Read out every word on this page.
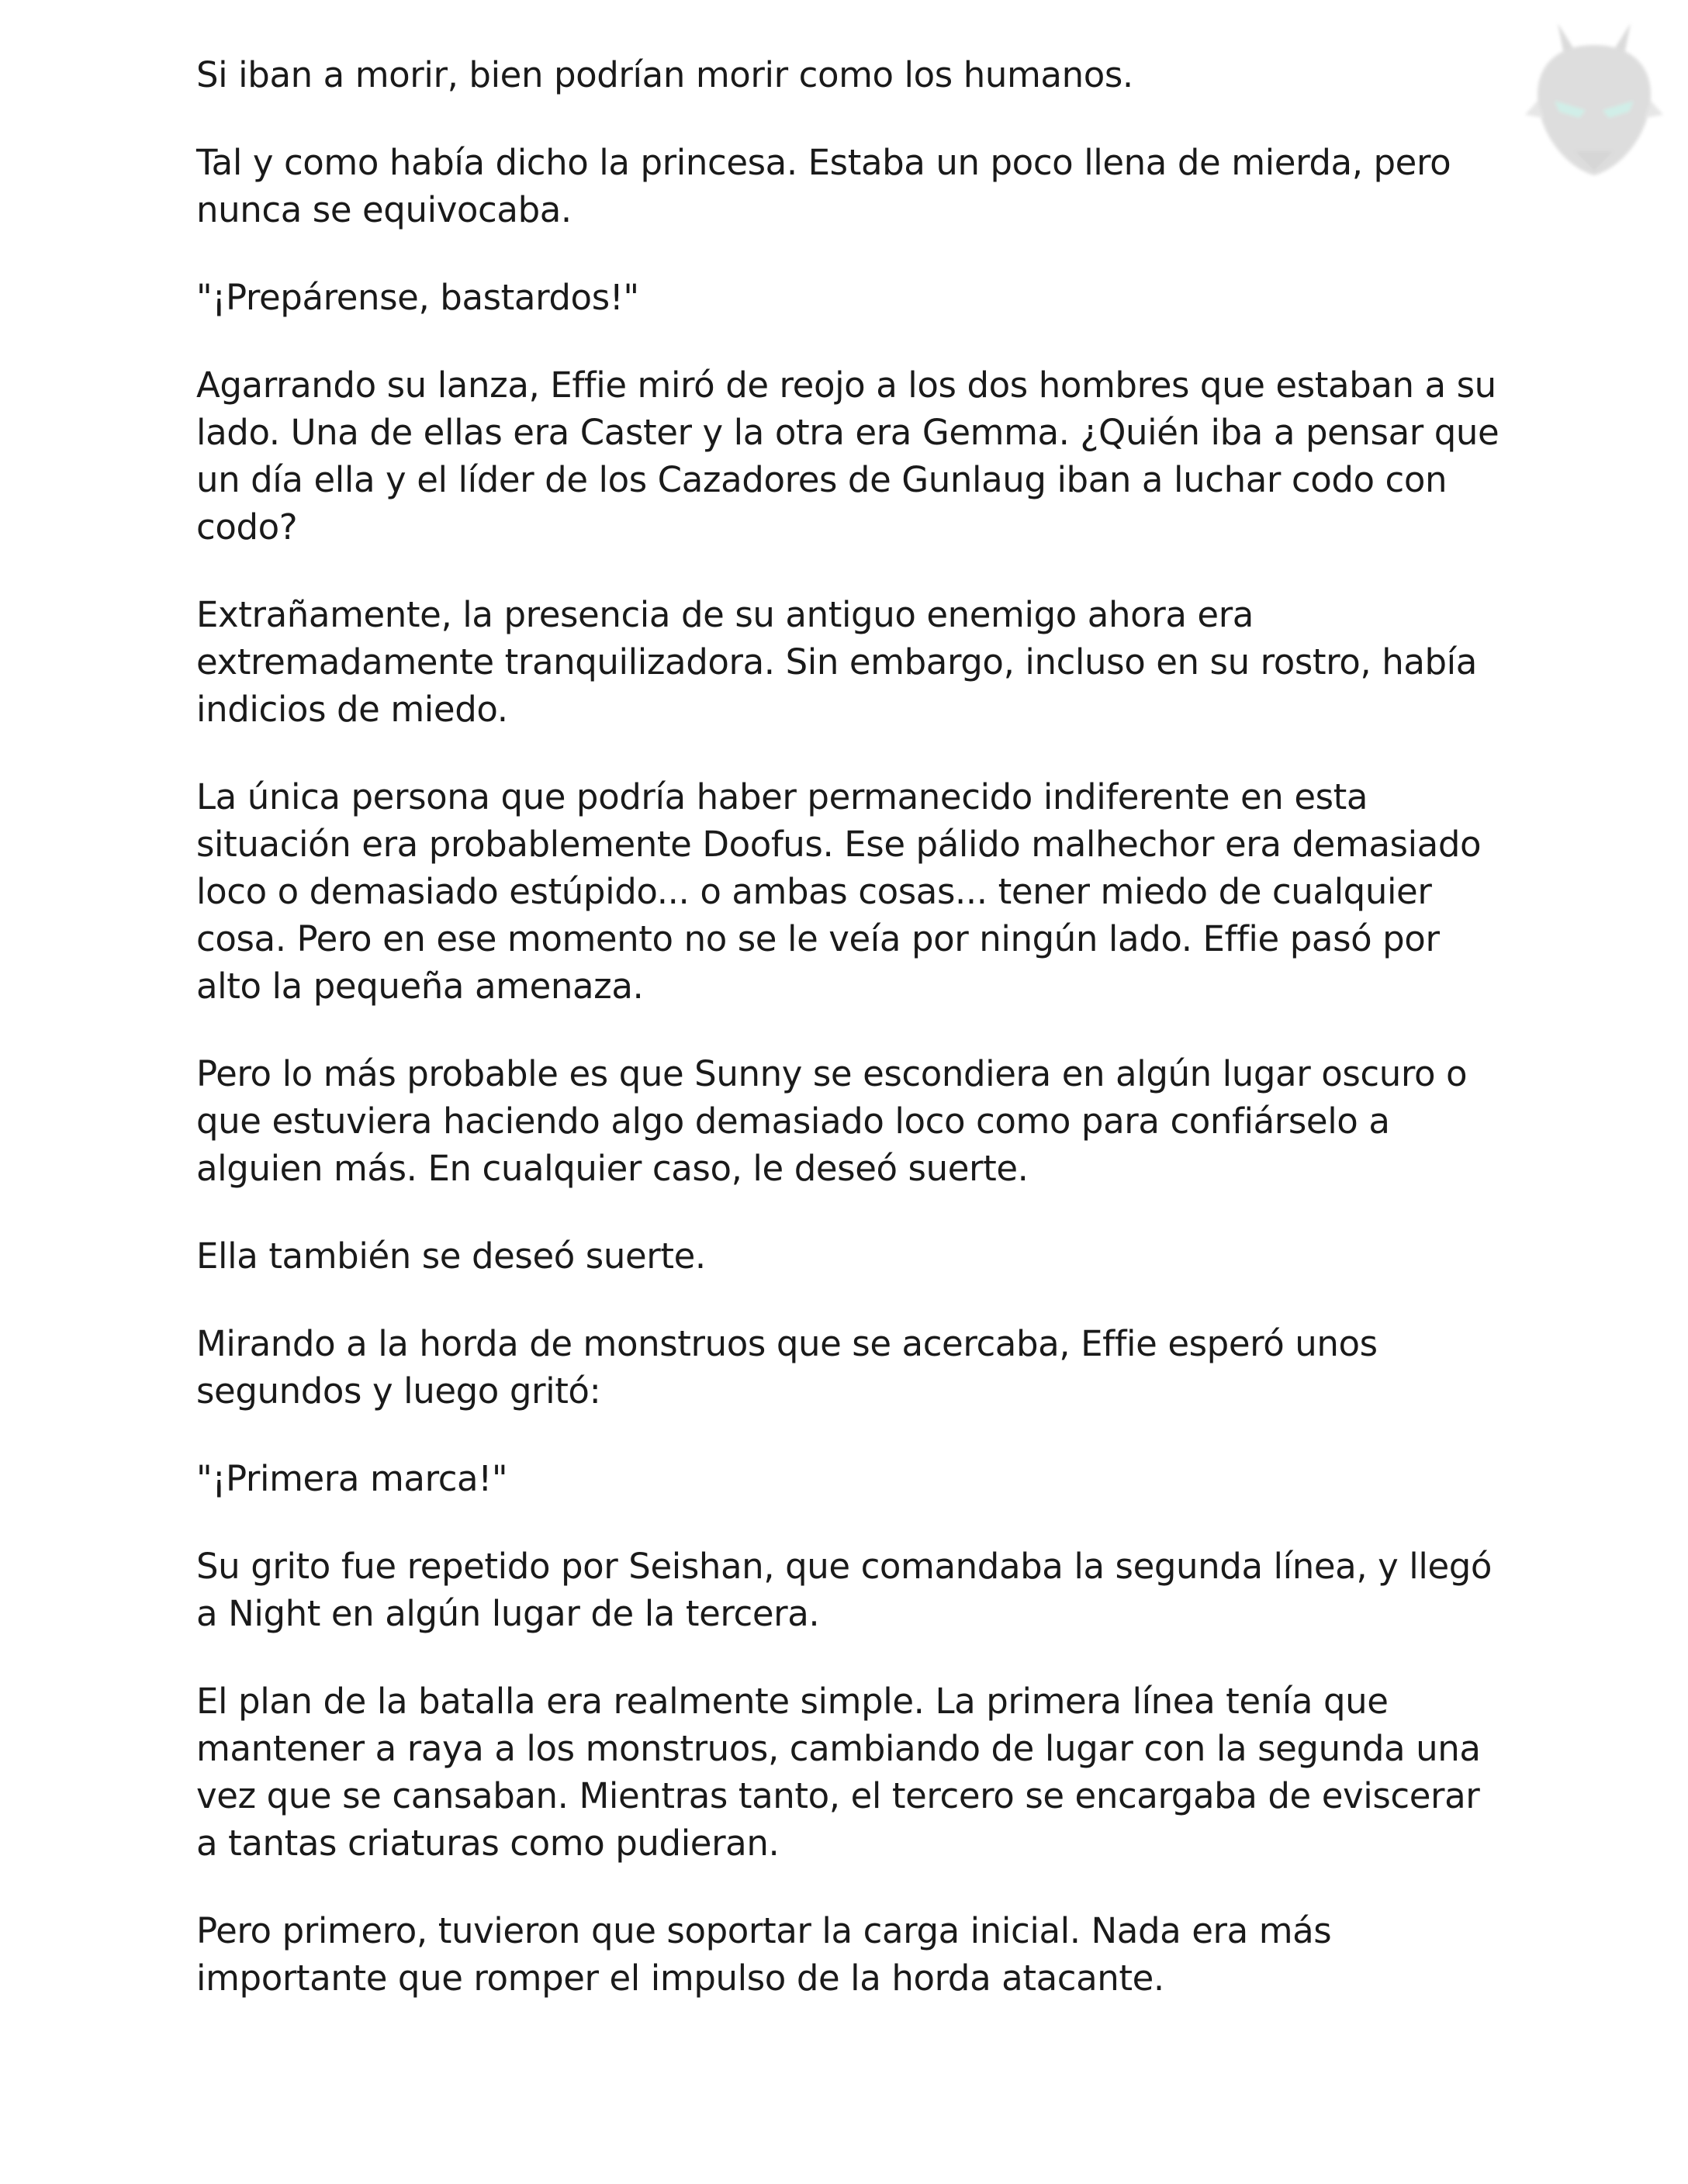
Si iban a morir, bien podrían morir como los humanos.

Tal y como había dicho la princesa. Estaba un poco llena de mierda, pero nunca se equivocaba.

"¡Prepárense, bastardos!"

Agarrando su lanza, Effie miró de reojo a los dos hombres que estaban a su lado. Una de ellas era Caster y la otra era Gemma. ¿Quién iba a pensar que un día ella y el líder de los Cazadores de Gunlaug iban a luchar codo con codo?

Extrañamente, la presencia de su antiguo enemigo ahora era extremadamente tranquilizadora. Sin embargo, incluso en su rostro, había indicios de miedo.

La única persona que podría haber permanecido indiferente en esta situación era probablemente Doofus. Ese pálido malhechor era demasiado loco o demasiado estúpido... o ambas cosas... tener miedo de cualquier cosa. Pero en ese momento no se le veía por ningún lado. Effie pasó por alto la pequeña amenaza.

Pero lo más probable es que Sunny se escondiera en algún lugar oscuro o que estuviera haciendo algo demasiado loco como para confiárselo a alguien más. En cualquier caso, le deseó suerte.

Ella también se deseó suerte.

Mirando a la horda de monstruos que se acercaba, Effie esperó unos segundos y luego gritó:

"¡Primera marca!"

Su grito fue repetido por Seishan, que comandaba la segunda línea, y llegó a Night en algún lugar de la tercera.

El plan de la batalla era realmente simple. La primera línea tenía que mantener a raya a los monstruos, cambiando de lugar con la segunda una vez que se cansaban. Mientras tanto, el tercero se encargaba de eviscerar a tantas criaturas como pudieran.

Pero primero, tuvieron que soportar la carga inicial. Nada era más importante que romper el impulso de la horda atacante.
